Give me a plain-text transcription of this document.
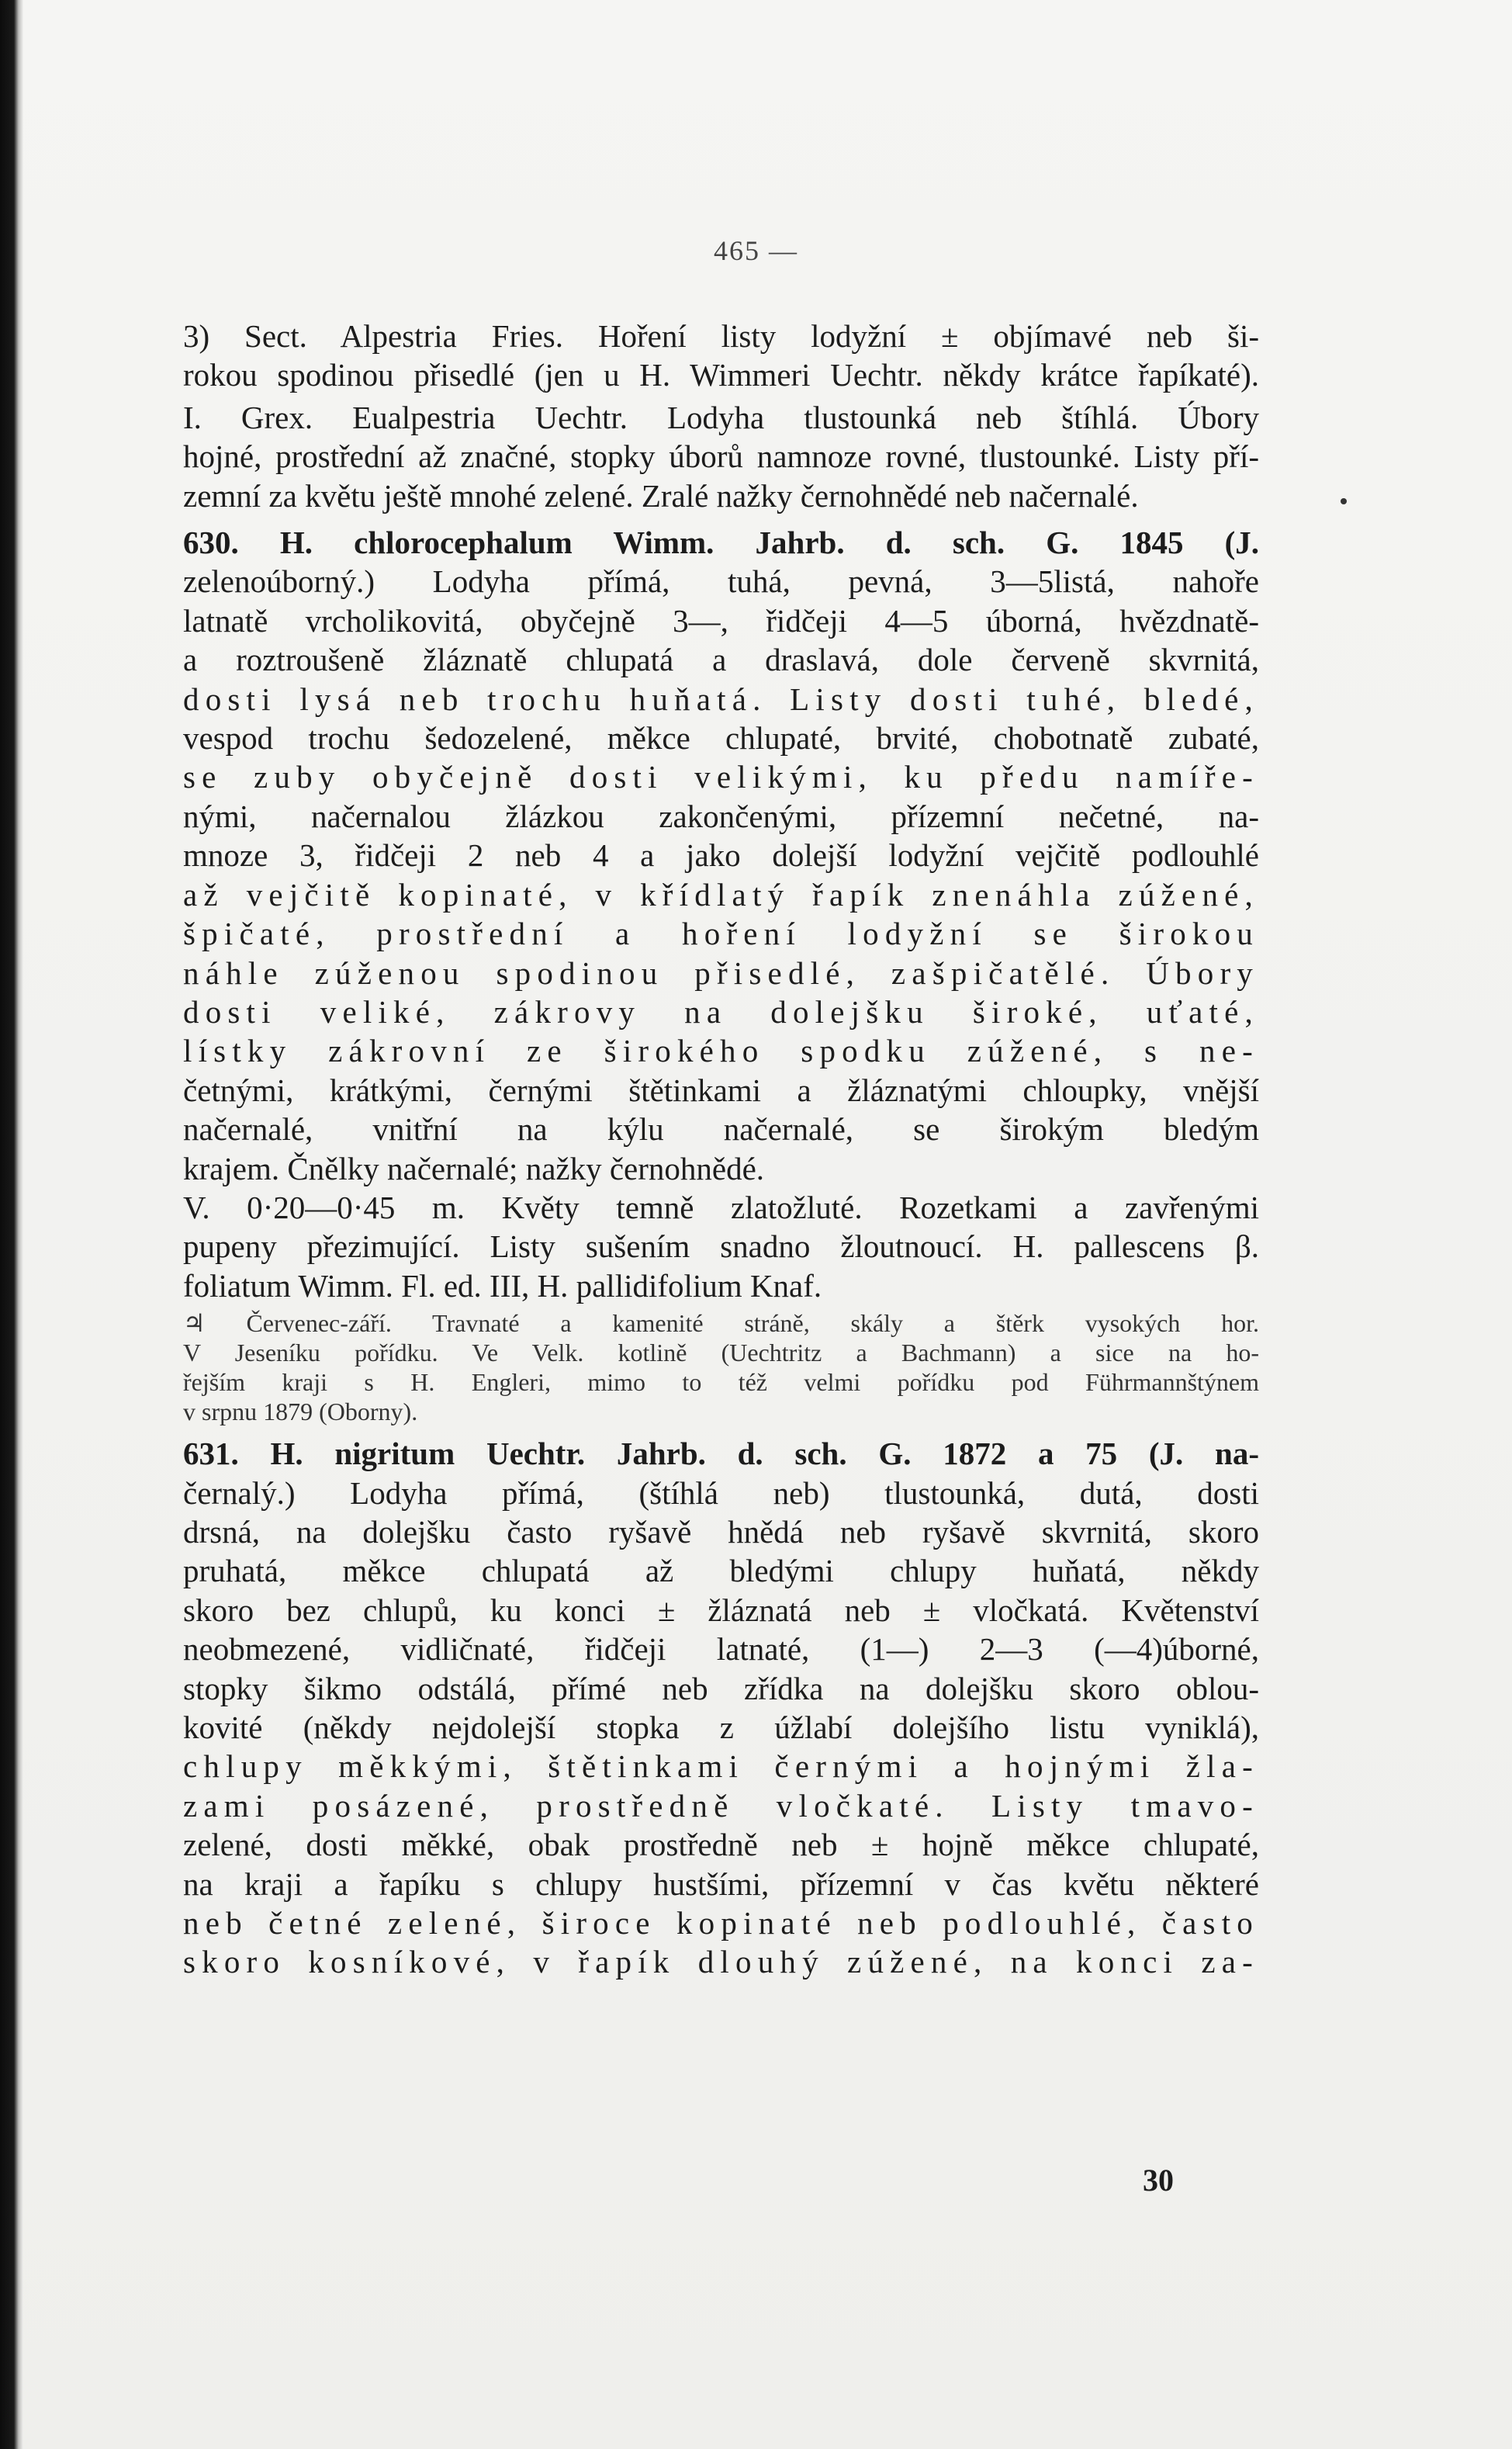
465 —
3) Sect. Alpestria Fries. Hoření listy lodyžní ± objímavé neb ši-
rokou spodinou přisedlé (jen u H. Wimmeri Uechtr. někdy krátce řapíkaté).
I. Grex. Eualpestria Uechtr. Lodyha tlustounká neb štíhlá. Úbory
hojné, prostřední až značné, stopky úborů namnoze rovné, tlustounké. Listy pří-
zemní za květu ještě mnohé zelené. Zralé nažky černohnědé neb načernalé.
630. H. chlorocephalum Wimm. Jahrb. d. sch. G. 1845 (J.
zelenoúborný.) Lodyha přímá, tuhá, pevná, 3—5listá, nahoře
latnatě vrcholikovitá, obyčejně 3—, řidčeji 4—5 úborná, hvězdnatě-
a roztroušeně žláznatě chlupatá a draslavá, dole červeně skvrnitá,
dosti lysá neb trochu huňatá. Listy dosti tuhé, bledé,
vespod trochu šedozelené, měkce chlupaté, brvité, chobotnatě zubaté,
se zuby obyčejně dosti velikými, ku předu namíře-
nými, načernalou žlázkou zakončenými, přízemní nečetné, na-
mnoze 3, řidčeji 2 neb 4 a jako dolejší lodyžní vejčitě podlouhlé
až vejčitě kopinaté, v křídlatý řapík znenáhla zúžené,
špičaté, prostřední a hoření lodyžní se širokou
náhle zúženou spodinou přisedlé, zašpičatělé. Úbory
dosti veliké, zákrovy na dolejšku široké, uťaté,
lístky zákrovní ze širokého spodku zúžené, s ne-
četnými, krátkými, černými štětinkami a žláznatými chloupky, vnější
načernalé, vnitřní na kýlu načernalé, se širokým bledým
krajem. Čnělky načernalé; nažky černohnědé.
V. 0·20—0·45 m. Květy temně zlatožluté. Rozetkami a zavřenými
pupeny přezimující. Listy sušením snadno žloutnoucí. H. pallescens β.
foliatum Wimm. Fl. ed. III, H. pallidifolium Knaf.
♃ Červenec-září. Travnaté a kamenité stráně, skály a štěrk vysokých hor.
V Jeseníku pořídku. Ve Velk. kotlině (Uechtritz a Bachmann) a sice na ho-
řejším kraji s H. Engleri, mimo to též velmi pořídku pod Führmannštýnem
v srpnu 1879 (Oborny).
631. H. nigritum Uechtr. Jahrb. d. sch. G. 1872 a 75 (J. na-
černalý.) Lodyha přímá, (štíhlá neb) tlustounká, dutá, dosti
drsná, na dolejšku často ryšavě hnědá neb ryšavě skvrnitá, skoro
pruhatá, měkce chlupatá až bledými chlupy huňatá, někdy
skoro bez chlupů, ku konci ± žláznatá neb ± vločkatá. Květenství
neobmezené, vidličnaté, řidčeji latnaté, (1—) 2—3 (—4)úborné,
stopky šikmo odstálá, přímé neb zřídka na dolejšku skoro oblou-
kovité (někdy nejdolejší stopka z úžlabí dolejšího listu vyniklá),
chlupy měkkými, štětinkami černými a hojnými žla-
zami posázené, prostředně vločkaté. Listy tmavo-
zelené, dosti měkké, obak prostředně neb ± hojně měkce chlupaté,
na kraji a řapíku s chlupy hustšími, přízemní v čas květu některé
neb četné zelené, široce kopinaté neb podlouhlé, často
skoro kosníkové, v řapík dlouhý zúžené, na konci za-
30
